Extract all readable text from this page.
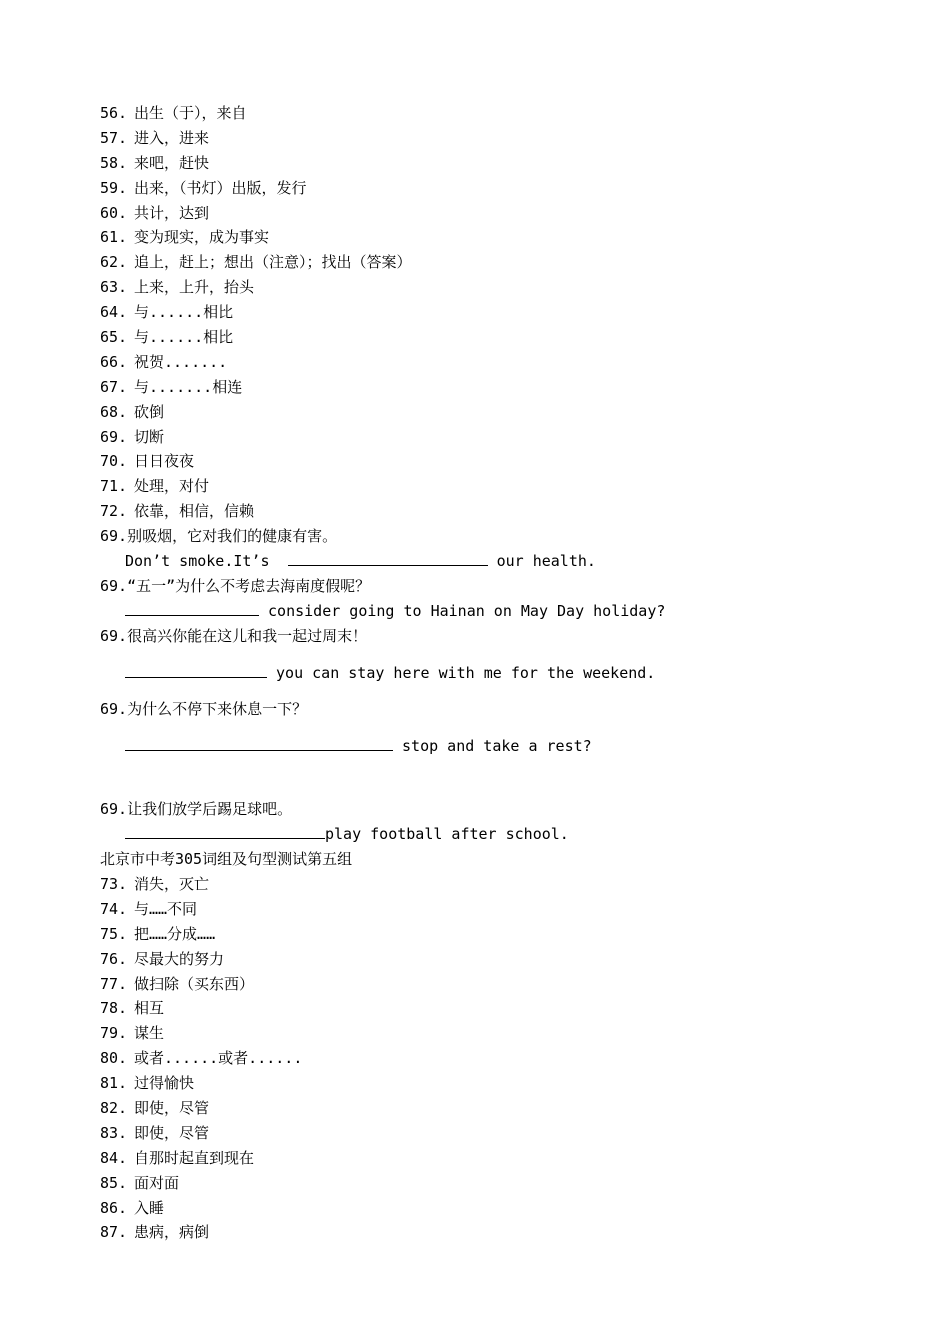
56. 出生（于），来自
57. 进入，进来
58. 来吧，赶快
59. 出来，（书灯）出版，发行
60. 共计，达到
61. 变为现实，成为事实
62. 追上，赶上；想出（注意）；找出（答案）
63. 上来，上升，抬头
64. 与......相比
65. 与......相比
66. 祝贺.......
67. 与.......相连
68. 砍倒
69. 切断
70. 日日夜夜
71. 处理，对付
72. 依靠，相信，信赖
69.别吸烟，它对我们的健康有害。
Don’t smoke.It’s	our health.
69.“五一”为什么不考虑去海南度假呢？
consider going to Hainan on May Day holiday?
69.很高兴你能在这儿和我一起过周末！
you can stay here with me for the weekend.
69.为什么不停下来休息一下？
stop and take a rest?
69.让我们放学后踢足球吧。
play football after school.
北京市中考305词组及句型测试第五组
73. 消失，灭亡
74. 与……不同
75. 把……分成……
76. 尽最大的努力
77. 做扫除（买东西）
78. 相互
79. 谋生
80. 或者......或者......
81. 过得愉快
82. 即使，尽管
83. 即使，尽管
84. 自那时起直到现在
85. 面对面
86. 入睡
87. 患病，病倒
